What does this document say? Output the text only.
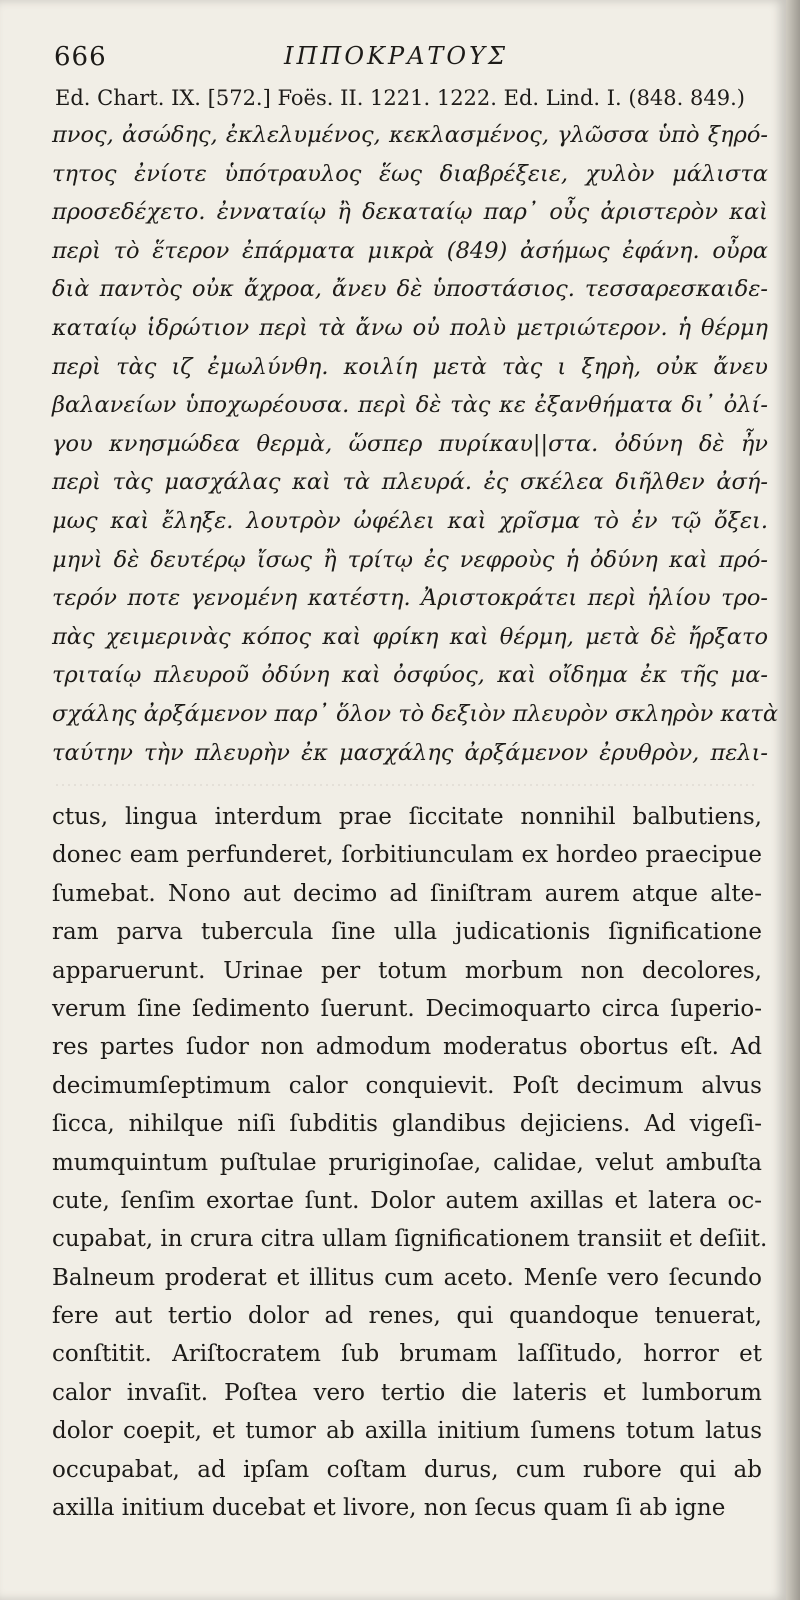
666	ΙΠΠΟΚΡΑΤΟΥΣ
Ed. Chart. IX. [572.] Foës. II. 1221. 1222. Ed. Lind. I. (848. 849.)
πνος, ἀσώδης, ἐκλελυμένος, κεκλασμένος, γλῶσσα ὑπὸ ξηρό-
τητος ἐνίοτε ὑπότραυλος ἕως διαβρέξειε, χυλὸν μάλιστα
προσεδέχετο. ἐνναταίῳ ἢ δεκαταίῳ παρ᾽ οὖς ἀριστερὸν καὶ
περὶ τὸ ἕτερον ἐπάρματα μικρὰ (849) ἀσήμως ἐφάνη. οὖρα
διὰ παντὸς οὐκ ἄχροα, ἄνευ δὲ ὑποστάσιος. τεσσαρεσκαιδε-
καταίῳ ἱδρώτιον περὶ τὰ ἄνω οὐ πολὺ μετριώτερον. ἡ θέρμη
περὶ τὰς ιζ ἐμωλύνθη. κοιλίη μετὰ τὰς ι ξηρὴ, οὐκ ἄνευ
βαλανείων ὑποχωρέουσα. περὶ δὲ τὰς κε ἐξανθήματα δι᾽ ὀλί-
γου κνησμώδεα θερμὰ, ὥσπερ πυρίκαυ||στα. ὀδύνη δὲ ἦν
περὶ τὰς μασχάλας καὶ τὰ πλευρά. ἐς σκέλεα διῆλθεν ἀσή-
μως καὶ ἔληξε. λουτρὸν ὠφέλει καὶ χρῖσμα τὸ ἐν τῷ ὄξει.
μηνὶ δὲ δευτέρῳ ἴσως ἢ τρίτῳ ἐς νεφροὺς ἡ ὀδύνη καὶ πρό-
τερόν ποτε γενομένη κατέστη. Ἀριστοκράτει περὶ ἡλίου τρο-
πὰς χειμερινὰς κόπος καὶ φρίκη καὶ θέρμη, μετὰ δὲ ἤρξατο
τριταίῳ πλευροῦ ὀδύνη καὶ ὀσφύος, καὶ οἴδημα ἐκ τῆς μα-
σχάλης ἀρξάμενον παρ᾽ ὅλον τὸ δεξιὸν πλευρὸν σκληρὸν κατὰ
ταύτην τὴν πλευρὴν ἐκ μασχάλης ἀρξάμενον ἐρυθρὸν, πελι-
ctus, lingua interdum prae ſiccitate nonnihil balbutiens,
donec eam perfunderet, ſorbitiunculam ex hordeo praecipue
ſumebat. Nono aut decimo ad ſiniſtram aurem atque alte-
ram parva tubercula ſine ulla judicationis ſignificatione
apparuerunt. Urinae per totum morbum non decolores,
verum ſine ſedimento ſuerunt. Decimoquarto circa ſuperio-
res partes ſudor non admodum moderatus obortus eſt. Ad
decimumſeptimum calor conquievit. Poſt decimum alvus
ſicca, nihilque niſi ſubditis glandibus dejiciens. Ad vigeſi-
mumquintum puſtulae pruriginoſae, calidae, velut ambuſta
cute, ſenſim exortae ſunt. Dolor autem axillas et latera oc-
cupabat, in crura citra ullam ſignificationem transiit et deſiit.
Balneum proderat et illitus cum aceto. Menſe vero ſecundo
fere aut tertio dolor ad renes, qui quandoque tenuerat,
conſtitit. Ariſtocratem ſub brumam laſſitudo, horror et
calor invaſit. Poſtea vero tertio die lateris et lumborum
dolor coepit, et tumor ab axilla initium ſumens totum latus
occupabat, ad ipſam coſtam durus, cum rubore qui ab
axilla initium ducebat et livore, non ſecus quam ſi ab igne
